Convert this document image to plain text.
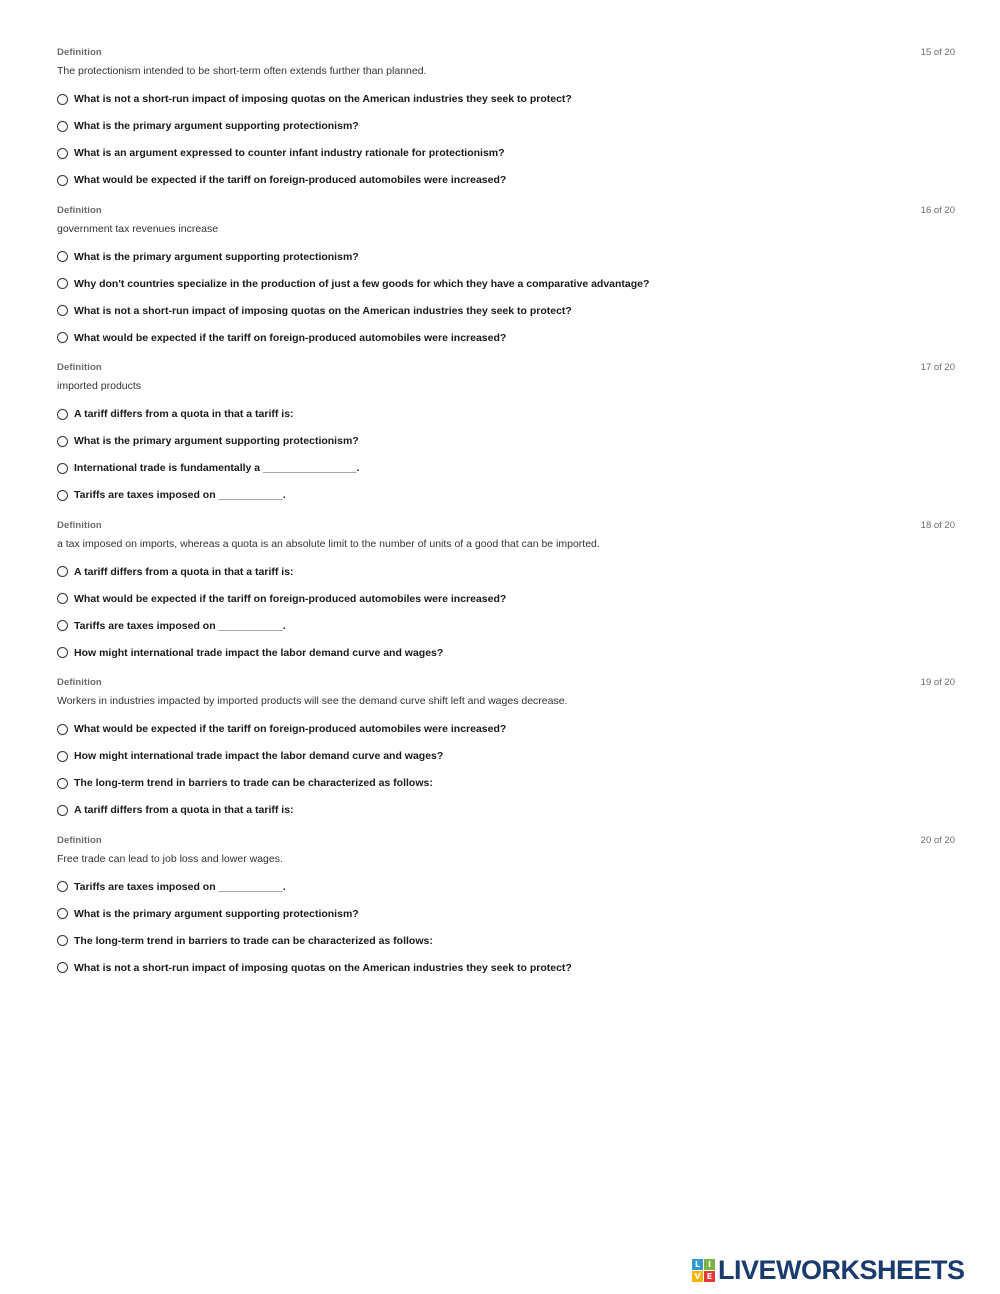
Definition	15 of 20
The protectionism intended to be short-term often extends further than planned.
What is not a short-run impact of imposing quotas on the American industries they seek to protect?
What is the primary argument supporting protectionism?
What is an argument expressed to counter infant industry rationale for protectionism?
What would be expected if the tariff on foreign-produced automobiles were increased?
Definition	16 of 20
government tax revenues increase
What is the primary argument supporting protectionism?
Why don't countries specialize in the production of just a few goods for which they have a comparative advantage?
What is not a short-run impact of imposing quotas on the American industries they seek to protect?
What would be expected if the tariff on foreign-produced automobiles were increased?
Definition	17 of 20
imported products
A tariff differs from a quota in that a tariff is:
What is the primary argument supporting protectionism?
International trade is fundamentally a ________________.
Tariffs are taxes imposed on ___________.
Definition	18 of 20
a tax imposed on imports, whereas a quota is an absolute limit to the number of units of a good that can be imported.
A tariff differs from a quota in that a tariff is:
What would be expected if the tariff on foreign-produced automobiles were increased?
Tariffs are taxes imposed on ___________.
How might international trade impact the labor demand curve and wages?
Definition	19 of 20
Workers in industries impacted by imported products will see the demand curve shift left and wages decrease.
What would be expected if the tariff on foreign-produced automobiles were increased?
How might international trade impact the labor demand curve and wages?
The long-term trend in barriers to trade can be characterized as follows:
A tariff differs from a quota in that a tariff is:
Definition	20 of 20
Free trade can lead to job loss and lower wages.
Tariffs are taxes imposed on ___________.
What is the primary argument supporting protectionism?
The long-term trend in barriers to trade can be characterized as follows:
What is not a short-run impact of imposing quotas on the American industries they seek to protect?
L I
V E LIVEWORKSHEETS
